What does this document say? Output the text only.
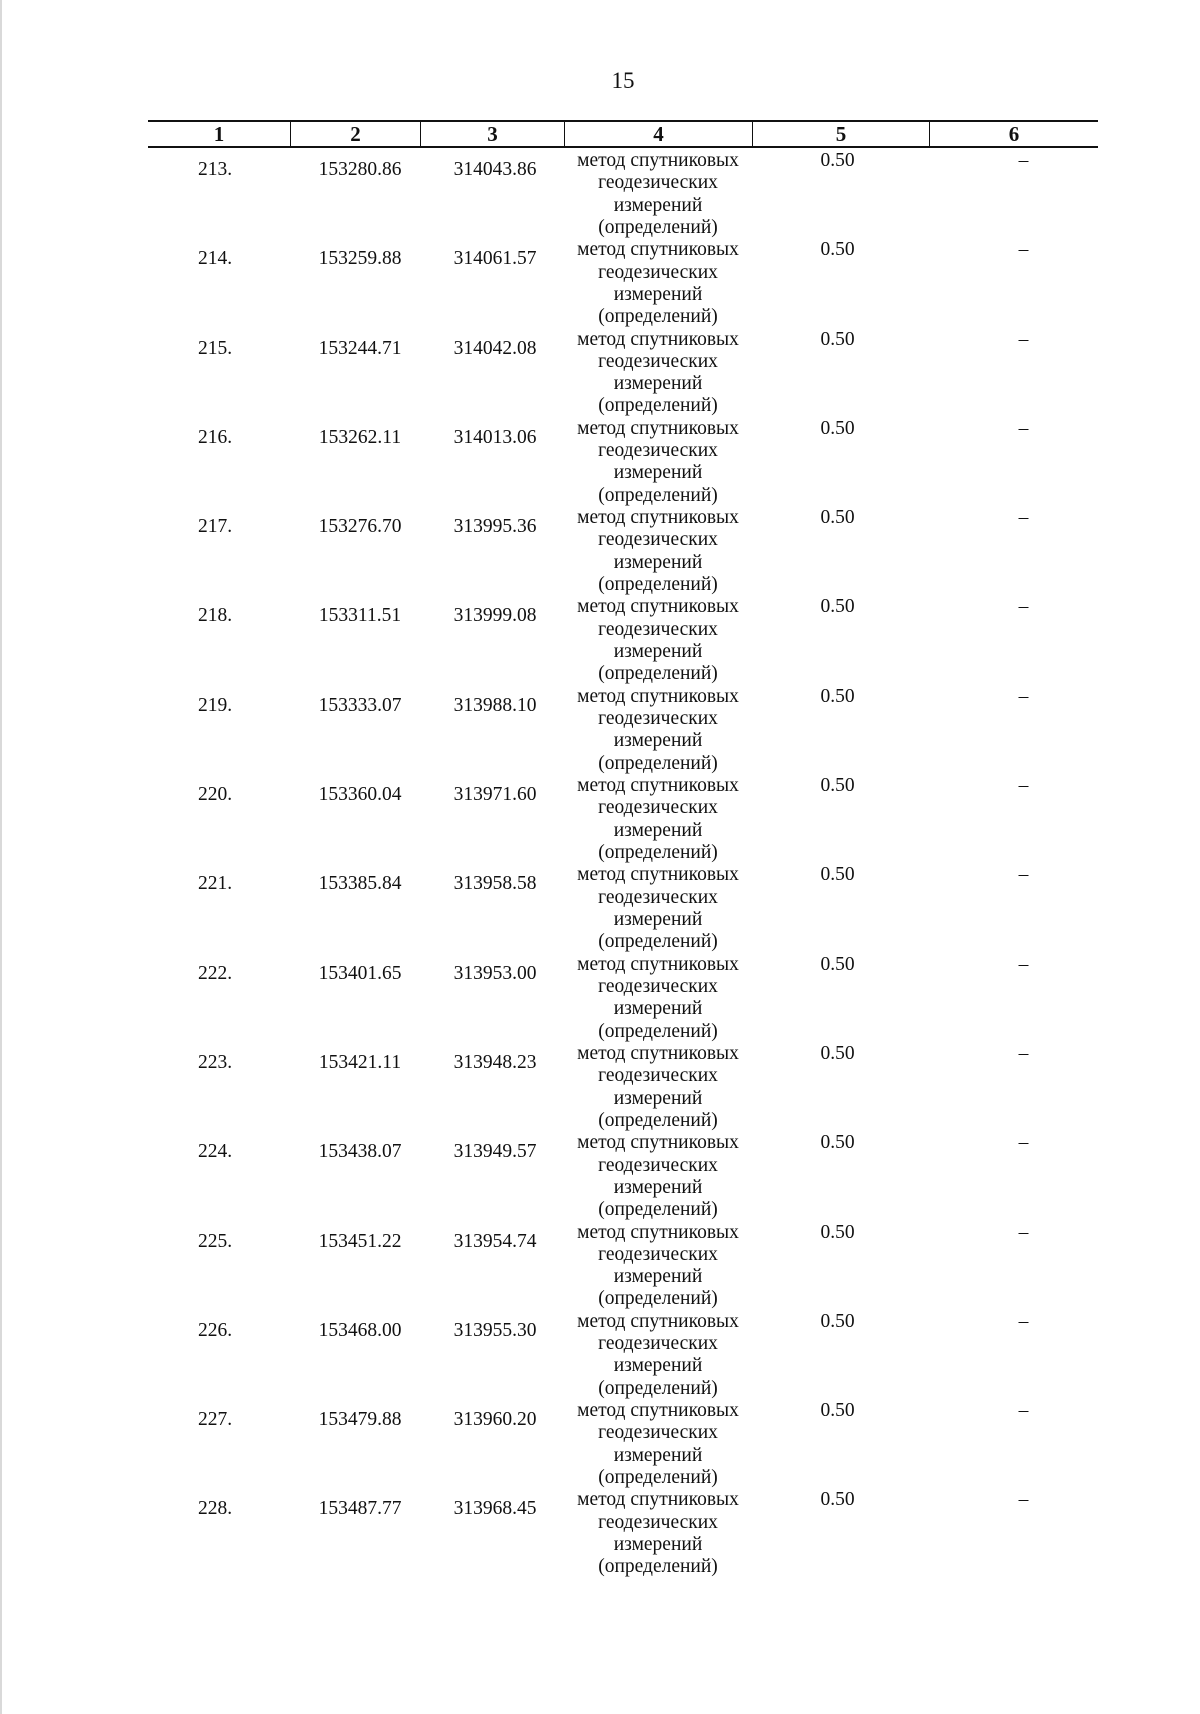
15
1	2	3	4	5	6
213.	153280.86	314043.86	метод спутниковых
геодезических
измерений
(определений)
0.50	–
214.	153259.88	314061.57	метод спутниковых
геодезических
измерений
(определений)
0.50	–
215.	153244.71	314042.08	метод спутниковых
геодезических
измерений
(определений)
0.50	–
216.	153262.11	314013.06	метод спутниковых
геодезических
измерений
(определений)
0.50	–
217.	153276.70	313995.36	метод спутниковых
геодезических
измерений
(определений)
0.50	–
218.	153311.51	313999.08	метод спутниковых
геодезических
измерений
(определений)
0.50	–
219.	153333.07	313988.10	метод спутниковых
геодезических
измерений
(определений)
0.50	–
220.	153360.04	313971.60	метод спутниковых
геодезических
измерений
(определений)
0.50	–
221.	153385.84	313958.58	метод спутниковых
геодезических
измерений
(определений)
0.50	–
222.	153401.65	313953.00	метод спутниковых
геодезических
измерений
(определений)
0.50	–
223.	153421.11	313948.23	метод спутниковых
геодезических
измерений
(определений)
0.50	–
224.	153438.07	313949.57	метод спутниковых
геодезических
измерений
(определений)
0.50	–
225.	153451.22	313954.74	метод спутниковых
геодезических
измерений
(определений)
0.50	–
226.	153468.00	313955.30	метод спутниковых
геодезических
измерений
(определений)
0.50	–
227.	153479.88	313960.20	метод спутниковых
геодезических
измерений
(определений)
0.50	–
228.	153487.77	313968.45	метод спутниковых
геодезических
измерений
(определений)
0.50	–
